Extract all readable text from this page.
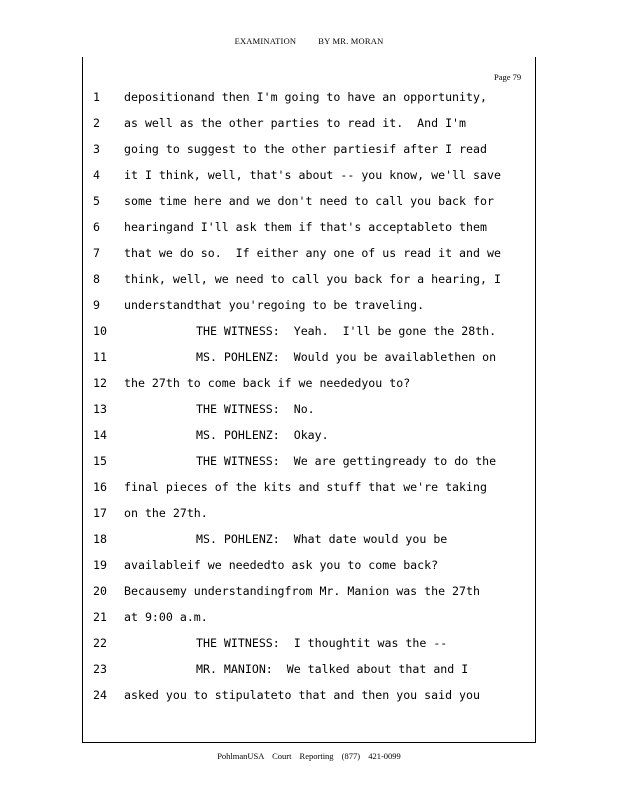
EXAMINATION	BY MR. MORAN
Page 79
1	depositionand then I'm going to have an opportunity,
2	as well as the other parties to read it.  And I'm
3	going to suggest to the other partiesif after I read
4	it I think, well, that's about -- you know, we'll save
5	some time here and we don't need to call you back for
6	hearingand I'll ask them if that's acceptableto them
7	that we do so.  If either any one of us read it and we
8	think, well, we need to call you back for a hearing, I
9	understandthat you'regoing to be traveling.
10	THE WITNESS:  Yeah.  I'll be gone the 28th.
11	MS. POHLENZ:  Would you be availablethen on
12	the 27th to come back if we neededyou to?
13	THE WITNESS:  No.
14	MS. POHLENZ:  Okay.
15	THE WITNESS:  We are gettingready to do the
16	final pieces of the kits and stuff that we're taking
17	on the 27th.
18	MS. POHLENZ:  What date would you be
19	availableif we neededto ask you to come back?
20	Becausemy understandingfrom Mr. Manion was the 27th
21	at 9:00 a.m.
22	THE WITNESS:  I thoughtit was the --
23	MR. MANION:  We talked about that and I
24	asked you to stipulateto that and then you said you
PohlmanUSA Court Reporting (877) 421-0099
